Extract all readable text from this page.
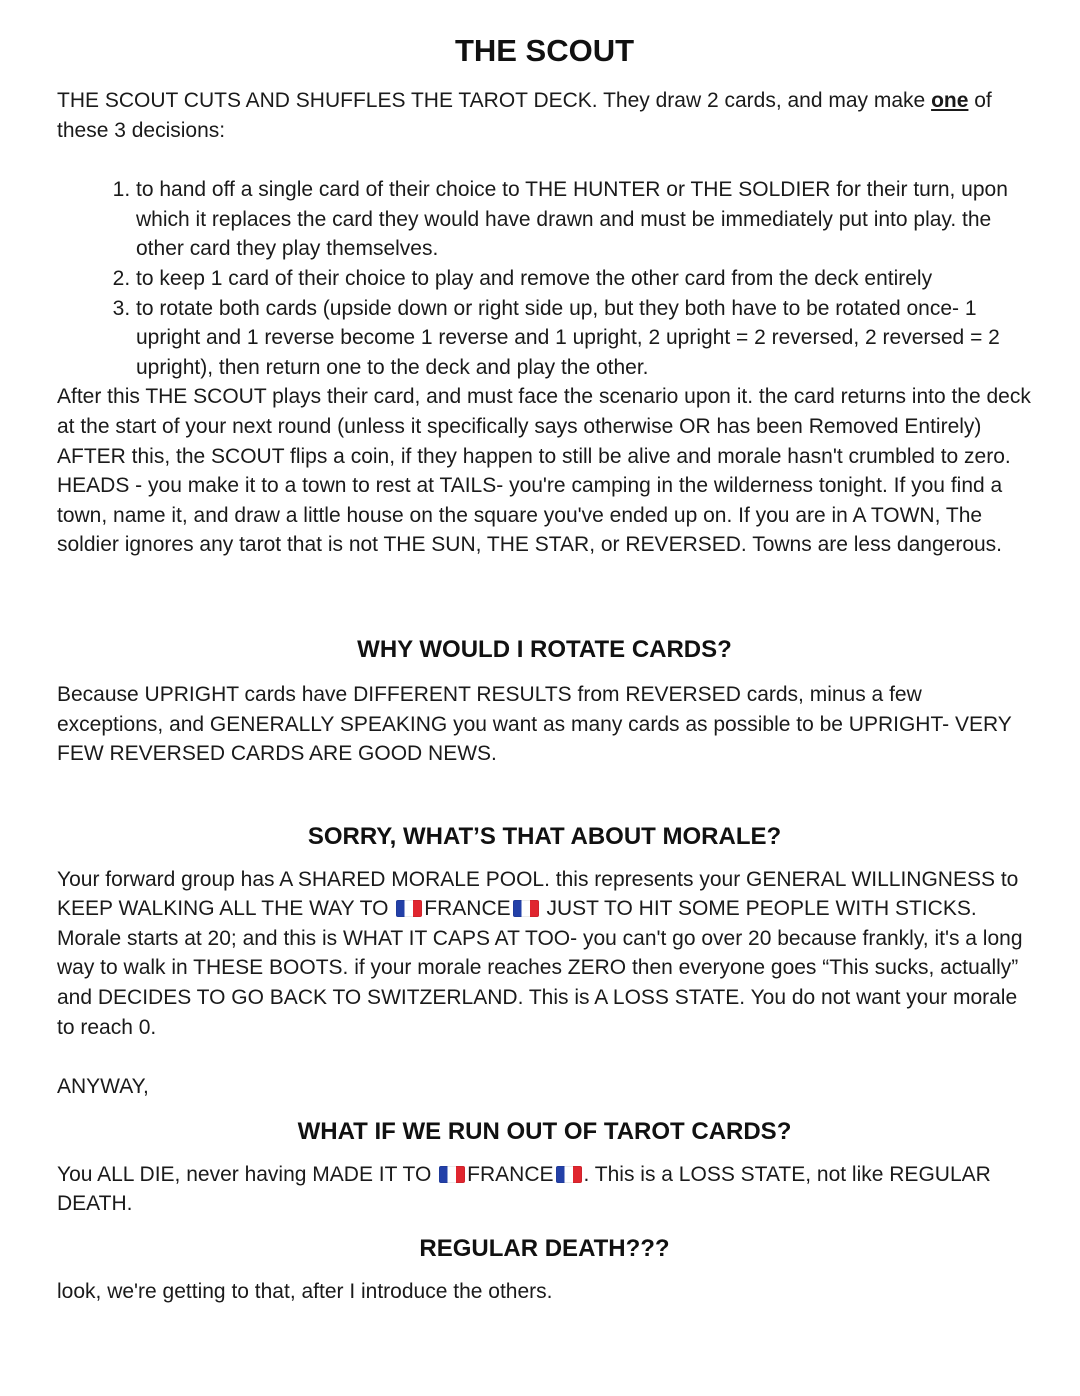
THE SCOUT

THE SCOUT CUTS AND SHUFFLES THE TAROT DECK. They draw 2 cards, and may make one of these 3 decisions:

1. to hand off a single card of their choice to THE HUNTER or THE SOLDIER for their turn, upon which it replaces the card they would have drawn and must be immediately put into play. the other card they play themselves.
2. to keep 1 card of their choice to play and remove the other card from the deck entirely
3. to rotate both cards (upside down or right side up, but they both have to be rotated once- 1 upright and 1 reverse become 1 reverse and 1 upright, 2 upright = 2 reversed, 2 reversed = 2 upright), then return one to the deck and play the other.

After this THE SCOUT plays their card, and must face the scenario upon it. the card returns into the deck at the start of your next round (unless it specifically says otherwise OR has been Removed Entirely)

AFTER this, the SCOUT flips a coin, if they happen to still be alive and morale hasn't crumbled to zero. HEADS - you make it to a town to rest at TAILS- you're camping in the wilderness tonight. If you find a town, name it, and draw a little house on the square you've ended up on. If you are in A TOWN, The soldier ignores any tarot that is not THE SUN, THE STAR, or REVERSED. Towns are less dangerous.

WHY WOULD I ROTATE CARDS?

Because UPRIGHT cards have DIFFERENT RESULTS from REVERSED cards, minus a few exceptions, and GENERALLY SPEAKING you want as many cards as possible to be UPRIGHT- VERY FEW REVERSED CARDS ARE GOOD NEWS.

SORRY, WHAT’S THAT ABOUT MORALE?

Your forward group has A SHARED MORALE POOL. this represents your GENERAL WILLINGNESS to KEEP WALKING ALL THE WAY TO FRANCE JUST TO HIT SOME PEOPLE WITH STICKS.

Morale starts at 20; and this is WHAT IT CAPS AT TOO- you can't go over 20 because frankly, it's a long way to walk in THESE BOOTS. if your morale reaches ZERO then everyone goes “This sucks, actually” and DECIDES TO GO BACK TO SWITZERLAND. This is A LOSS STATE. You do not want your morale to reach 0.

ANYWAY,

WHAT IF WE RUN OUT OF TAROT CARDS?

You ALL DIE, never having MADE IT TO FRANCE . This is a LOSS STATE, not like REGULAR DEATH.

REGULAR DEATH???

look, we're getting to that, after I introduce the others.
